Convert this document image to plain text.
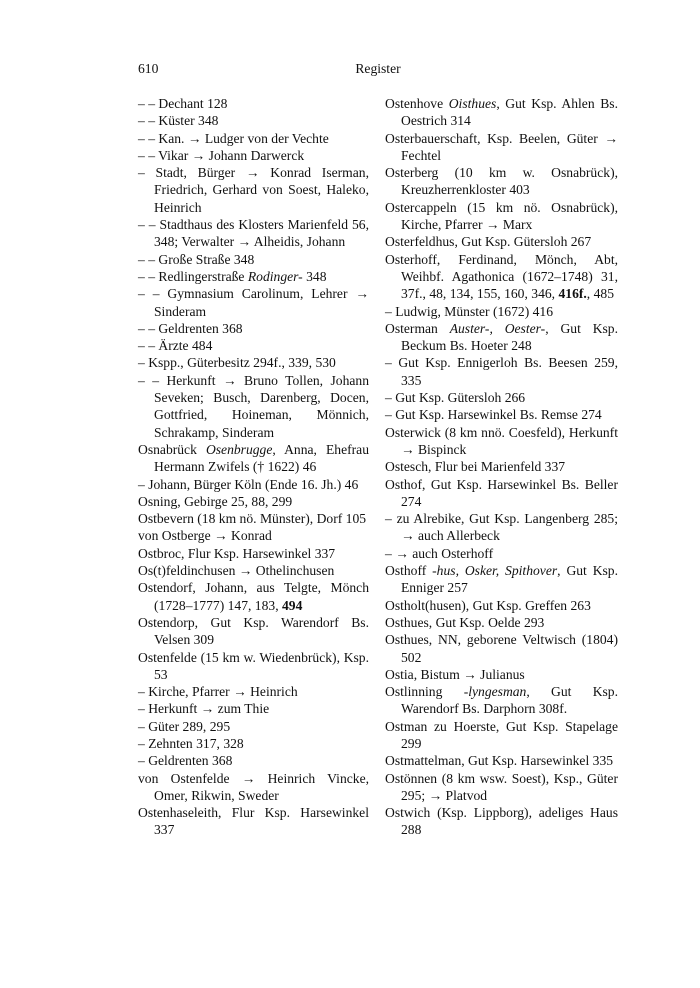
610	Register

– – Dechant 128

– – Küster 348

– – Kan. → Ludger von der Vechte

– – Vikar → Johann Darwerck

– Stadt, Bürger → Konrad Iserman, Friedrich, Gerhard von Soest, Haleko, Heinrich

– – Stadthaus des Klosters Marienfeld 56, 348; Verwalter → Alheidis, Johann

– – Große Straße 348

– – Redlingerstraße Rodinger- 348

– – Gymnasium Carolinum, Lehrer → Sinderam

– – Geldrenten 368

– – Ärzte 484

– Kspp., Güterbesitz 294f., 339, 530

– – Herkunft → Bruno Tollen, Johann Seveken; Busch, Darenberg, Docen, Gottfried, Hoineman, Mönnich, Schrakamp, Sinderam

Osnabrück Osenbrugge, Anna, Ehefrau Hermann Zwifels († 1622) 46

– Johann, Bürger Köln (Ende 16. Jh.) 46

Osning, Gebirge 25, 88, 299

Ostbevern (18 km nö. Münster), Dorf 105

von Ostberge → Konrad

Ostbroc, Flur Ksp. Harsewinkel 337

Os(t)feldinchusen → Othelinchusen

Ostendorf, Johann, aus Telgte, Mönch (1728–1777) 147, 183, 494

Ostendorp, Gut Ksp. Warendorf Bs. Velsen 309

Ostenfelde (15 km w. Wiedenbrück), Ksp. 53

– Kirche, Pfarrer → Heinrich

– Herkunft → zum Thie

– Güter 289, 295

– Zehnten 317, 328

– Geldrenten 368

von Ostenfelde → Heinrich Vincke, Omer, Rikwin, Sweder

Ostenhaseleith, Flur Ksp. Harsewinkel 337

Ostenhove Oisthues, Gut Ksp. Ahlen Bs. Oestrich 314

Osterbauerschaft, Ksp. Beelen, Güter → Fechtel

Osterberg (10 km w. Osnabrück), Kreuzherrenkloster 403

Ostercappeln (15 km nö. Osnabrück), Kirche, Pfarrer → Marx

Osterfeldhus, Gut Ksp. Gütersloh 267

Osterhoff, Ferdinand, Mönch, Abt, Weihbf. Agathonica (1672–1748) 31, 37f., 48, 134, 155, 160, 346, 416f., 485

– Ludwig, Münster (1672) 416

Osterman Auster-, Oester-, Gut Ksp. Beckum Bs. Hoeter 248

– Gut Ksp. Ennigerloh Bs. Beesen 259, 335

– Gut Ksp. Gütersloh 266

– Gut Ksp. Harsewinkel Bs. Remse 274

Osterwick (8 km nnö. Coesfeld), Herkunft → Bispinck

Ostesch, Flur bei Marienfeld 337

Osthof, Gut Ksp. Harsewinkel Bs. Beller 274

– zu Alrebike, Gut Ksp. Langenberg 285; → auch Allerbeck

– → auch Osterhoff

Osthoff -hus, Osker, Spithover, Gut Ksp. Enniger 257

Ostholt(husen), Gut Ksp. Greffen 263

Osthues, Gut Ksp. Oelde 293

Osthues, NN, geborene Veltwisch (1804) 502

Ostia, Bistum → Julianus

Ostlinning -lyngesman, Gut Ksp. Warendorf Bs. Darphorn 308f.

Ostman zu Hoerste, Gut Ksp. Stapelage 299

Ostmattelman, Gut Ksp. Harsewinkel 335

Ostönnen (8 km wsw. Soest), Ksp., Güter 295; → Platvod

Ostwich (Ksp. Lippborg), adeliges Haus 288
